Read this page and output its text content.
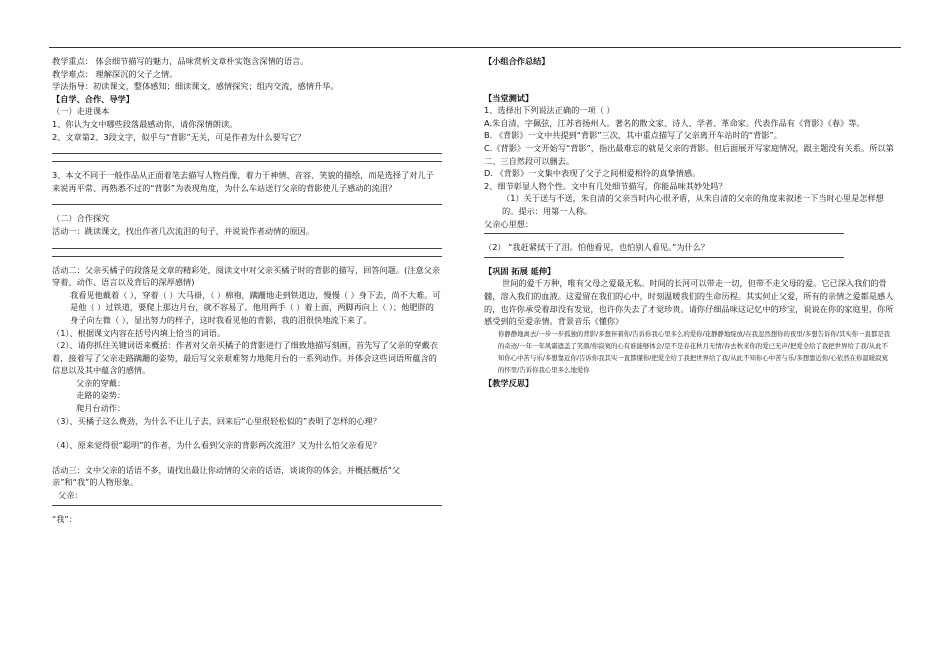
教学重点： 体会细节描写的魅力，品味赏析文章朴实饱含深情的语言。
教学难点： 理解深沉的父子之情。
学法指导：初读课文，整体感知；细读课文，感情探究；组内交流，感情升华。
【自学、合作、导学】
（一）走进课本
1、你认为文中哪些段落最感动你，请你深情朗读。
2、文章第2、3段文字，似乎与“背影”无关，可是作者为什么要写它？
3、本文不同于一般作品从正面着笔去描写人物肖像，着力于神情、音容、笑貌的描绘，而是选择了对儿子来说再平常、再熟悉不过的“背影”为表现角度，为什么车站送行父亲的背影使儿子感动的流泪？
（二）合作探究
活动一：跳读课文，找出作者几次流泪的句子，并说说作者动情的原因。
活动二：父亲买橘子的段落是文章的精彩处，阅读文中对父亲买橘子时的背影的描写，回答问题。(注意父亲穿着、动作、语言以及背后的深厚感情)
我看见他戴着（ ），穿着（ ）大马褂，（ ）棉袍，蹒跚地走到铁道边，慢慢（ ）身下去，尚不大难。可是他（ ）过铁道，要爬上那边月台，就不容易了。他用两手（ ）着上面，两脚再向上（ ）；他肥胖的身子向左微（ ），显出努力的样子，这时我看见他的背影，我的泪很快地流下来了。
（1）、根据课文内容在括号内填上恰当的词语。
（2）、请你抓住关键词语来概括：作者对父亲买橘子的背影进行了细致地描写刻画，首先写了父亲的穿戴衣着，接着写了父亲走路蹒跚的姿势，最后写父亲艰难努力地爬月台的一系列动作。并体会这些词语所蕴含的信息以及其中蕴含的感情。
父亲的穿戴：
走路的姿势：
爬月台动作：
（3）、买橘子这么费劲，为什么不让儿子去，回来后“心里很轻松似的”表明了怎样的心理？
（4）、原来觉得很“聪明”的作者，为什么看到父亲的背影两次流泪？又为什么怕父亲看见？
活动三：文中父亲的话语不多，请找出最让你动情的父亲的话语，谈谈你的体会。并概括概括“父亲”和“我”的人物形象。
父亲：
“我”：
【小组合作总结】
【当堂测试】
1、选择出下列说法正确的一项（ ）
A.朱自清，字佩弦，江苏省扬州人。著名的散文家、诗人、学者、革命家。代表作品有《背影》《春》等。
B. 《背影》一文中共提到“背影”三次，其中重点描写了父亲离开车站时的“背影”。
C.《背影》一文开始写“背影”，指出最难忘的就是父亲的背影。但后面展开写家庭情况，跟主题没有关系。所以第二、三自然段可以删去。
D. 《背影》一文集中表现了父子之间相爱相怜的真挚情感。
2、细节彰显人物个性。文中有几处细节描写，你能品味其妙处吗？
（1）关于送与不送，朱自清的父亲当时内心很矛盾，从朱自清的父亲的角度来叙述一下当时心里是怎样想的。提示：用第一人称。
父亲心里想：
（2） “我赶紧拭干了泪。怕他看见，也怕别人看见。”为什么？
【巩固 拓展 延伸】
世间的爱千万种，唯有父母之爱最无私。时间的长河可以带走一切，但带不走父母的爱。它已深入我们的骨髓，溶入我们的血液。这爱留在我们的心中，时刻温暖我们的生命历程。其实何止父爱，所有的亲情之爱都是感人的，也许你承受着却没有发觉，也许你失去了才觉珍贵。请你仔细品味这记忆中的珍宝，说说在你的家庭里，你所感受到的至爱亲情。背景音乐《懂你》
你静静地离去/一步一步孤独的背影/多想伴着你/告诉你我心里多么的爱你/花静静地绽放/在我忽然想你的夜里/多想告诉你/其实你一直都是我的奇迹/一年一年风霜遮盖了笑颜/你寂寞的心有谁能够体会/是不是春花秋月无情/春去秋来你的爱已无声/把爱全给了我把世界给了我/从此不知你心中苦与乐/多想靠近你/告诉你我其实一直都懂你/把爱全给了我把世界给了我/从此不知你心中苦与乐/多想靠近你/心依然在你温暖寂寞的怀里/告诉你我心里多么地爱你
【教学反思】
